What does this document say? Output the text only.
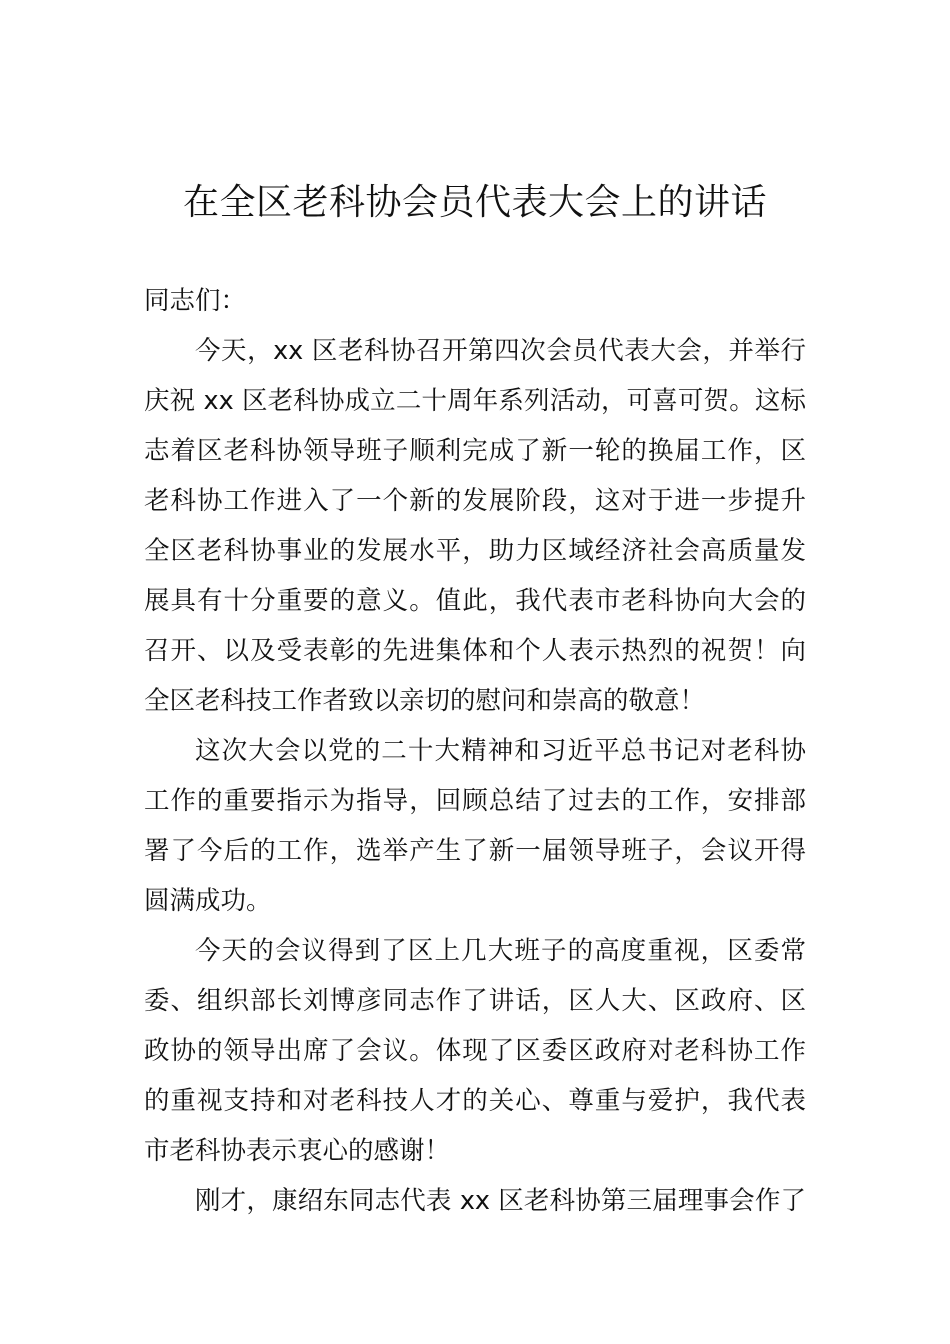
在全区老科协会员代表大会上的讲话

同志们：

今天，xx 区老科协召开第四次会员代表大会，并举行
庆祝 xx 区老科协成立二十周年系列活动，可喜可贺。这标
志着区老科协领导班子顺利完成了新一轮的换届工作，区
老科协工作进入了一个新的发展阶段，这对于进一步提升
全区老科协事业的发展水平，助力区域经济社会高质量发
展具有十分重要的意义。值此，我代表市老科协向大会的
召开、以及受表彰的先进集体和个人表示热烈的祝贺！向
全区老科技工作者致以亲切的慰问和崇高的敬意！

这次大会以党的二十大精神和习近平总书记对老科协
工作的重要指示为指导，回顾总结了过去的工作，安排部
署了今后的工作，选举产生了新一届领导班子，会议开得
圆满成功。

今天的会议得到了区上几大班子的高度重视，区委常
委、组织部长刘博彦同志作了讲话，区人大、区政府、区
政协的领导出席了会议。体现了区委区政府对老科协工作
的重视支持和对老科技人才的关心、尊重与爱护，我代表
市老科协表示衷心的感谢！

刚才，康绍东同志代表 xx 区老科协第三届理事会作了
